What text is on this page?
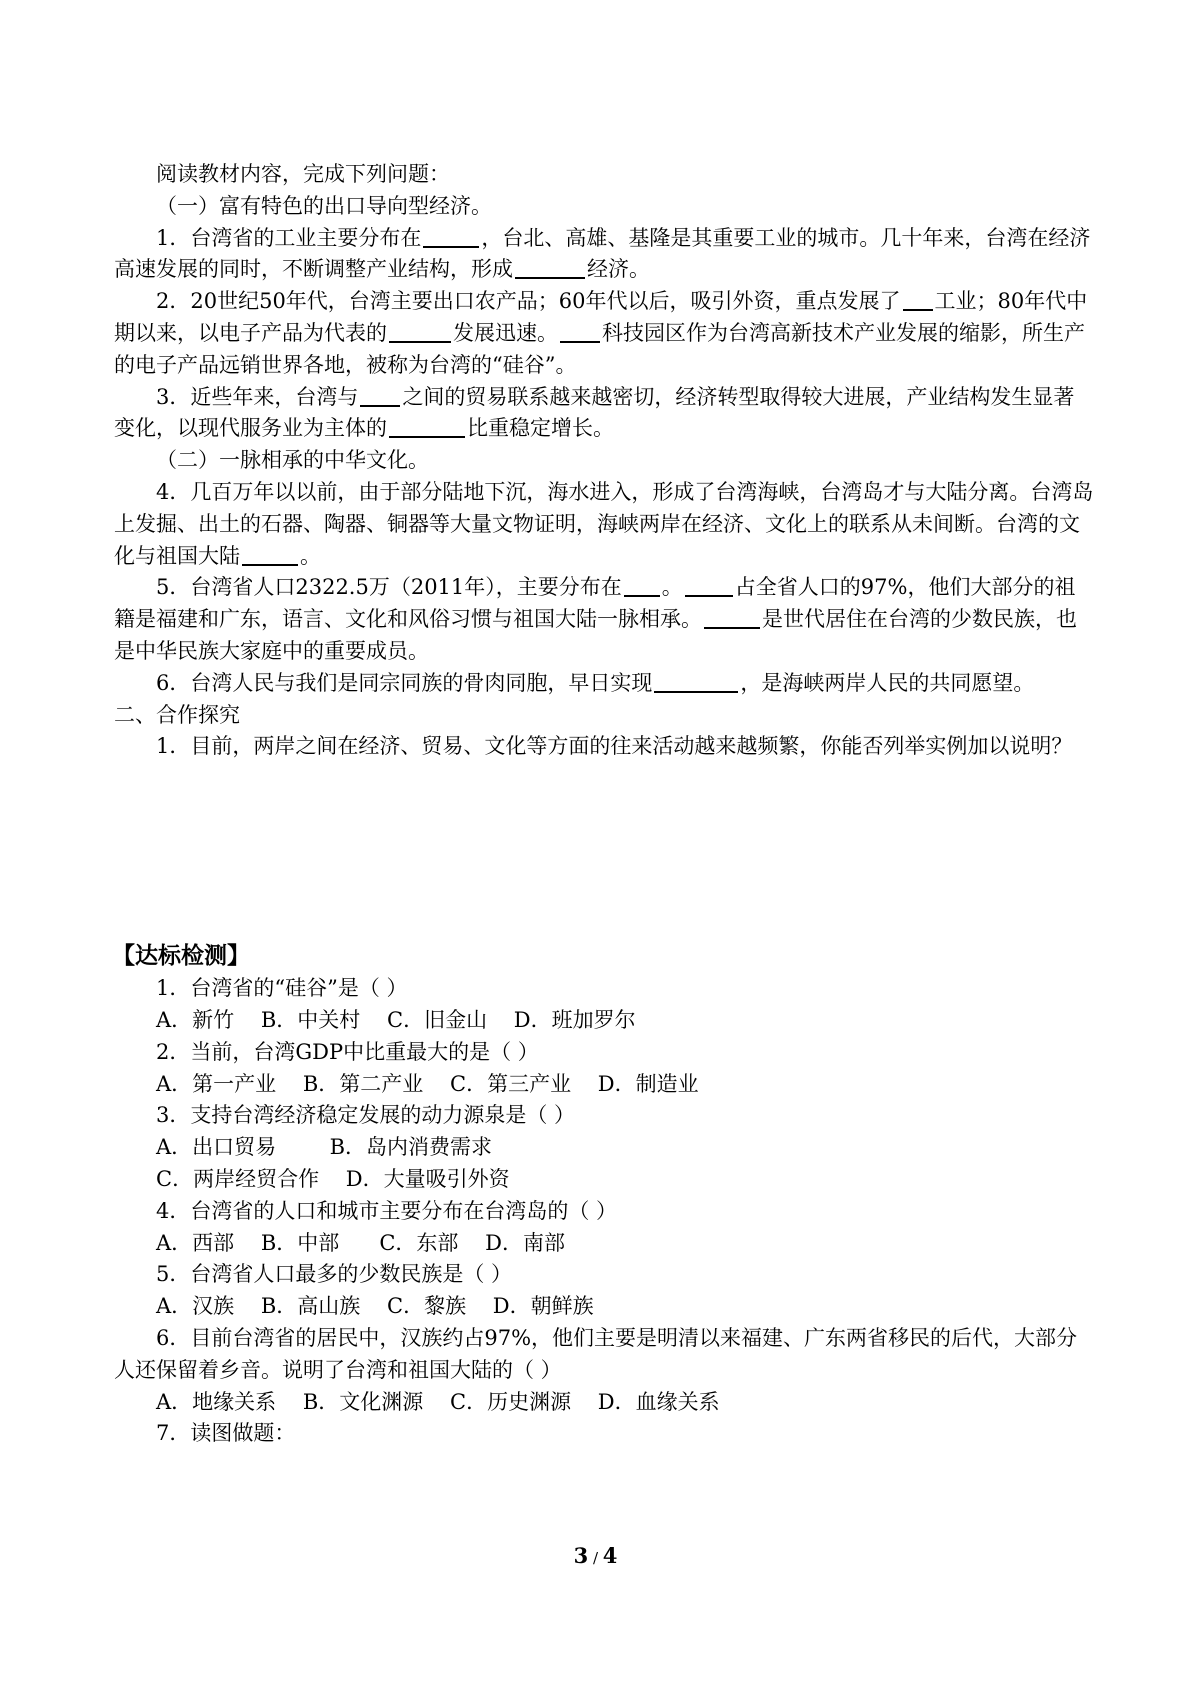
阅读教材内容，完成下列问题：

（一）富有特色的出口导向型经济。

1．台湾省的工业主要分布在	，台北、高雄、基隆是其重要工业的城市。几十年来，台湾在经济高速发展的同时，不断调整产业结构，形成	经济。

2．20世纪50年代，台湾主要出口农产品；60年代以后，吸引外资，重点发展了 工业；80年代中期以来，以电子产品为代表的	发展迅速。 科技园区作为台湾高新技术产业发展的缩影，所生产的电子产品远销世界各地，被称为台湾的“硅谷”。

3．近些年来，台湾与 之间的贸易联系越来越密切，经济转型取得较大进展，产业结构发生显著变化，以现代服务业为主体的	比重稳定增长。

（二）一脉相承的中华文化。

4．几百万年以以前，由于部分陆地下沉，海水进入，形成了台湾海峡，台湾岛才与大陆分离。台湾岛上发掘、出土的石器、陶器、铜器等大量文物证明，海峡两岸在经济、文化上的联系从未间断。台湾的文化与祖国大陆	。

5．台湾省人口2322.5万（2011年），主要分布在 。 占全省人口的97%，他们大部分的祖籍是福建和广东，语言、文化和风俗习惯与祖国大陆一脉相承。	是世代居住在台湾的少数民族，也是中华民族大家庭中的重要成员。

6．台湾人民与我们是同宗同族的骨肉同胞，早日实现	，是海峡两岸人民的共同愿望。

二、合作探究

1．目前，两岸之间在经济、贸易、文化等方面的往来活动越来越频繁，你能否列举实例加以说明？

【达标检测】

1．台湾省的“硅谷”是（ ）

A．新竹    B．中关村    C．旧金山    D．班加罗尔

2．当前，台湾GDP中比重最大的是（ ）

A．第一产业    B．第二产业    C．第三产业    D．制造业

3．支持台湾经济稳定发展的动力源泉是（ ）

A．出口贸易        B．岛内消费需求

C．两岸经贸合作    D．大量吸引外资

4．台湾省的人口和城市主要分布在台湾岛的（ ）

A．西部    B．中部      C．东部    D．南部

5．台湾省人口最多的少数民族是（ ）

A．汉族    B．高山族    C．黎族    D．朝鲜族

6．目前台湾省的居民中，汉族约占97%，他们主要是明清以来福建、广东两省移民的后代，大部分人还保留着乡音。说明了台湾和祖国大陆的（ ）

A．地缘关系    B．文化渊源    C．历史渊源    D．血缘关系

7．读图做题：

3 / 4
